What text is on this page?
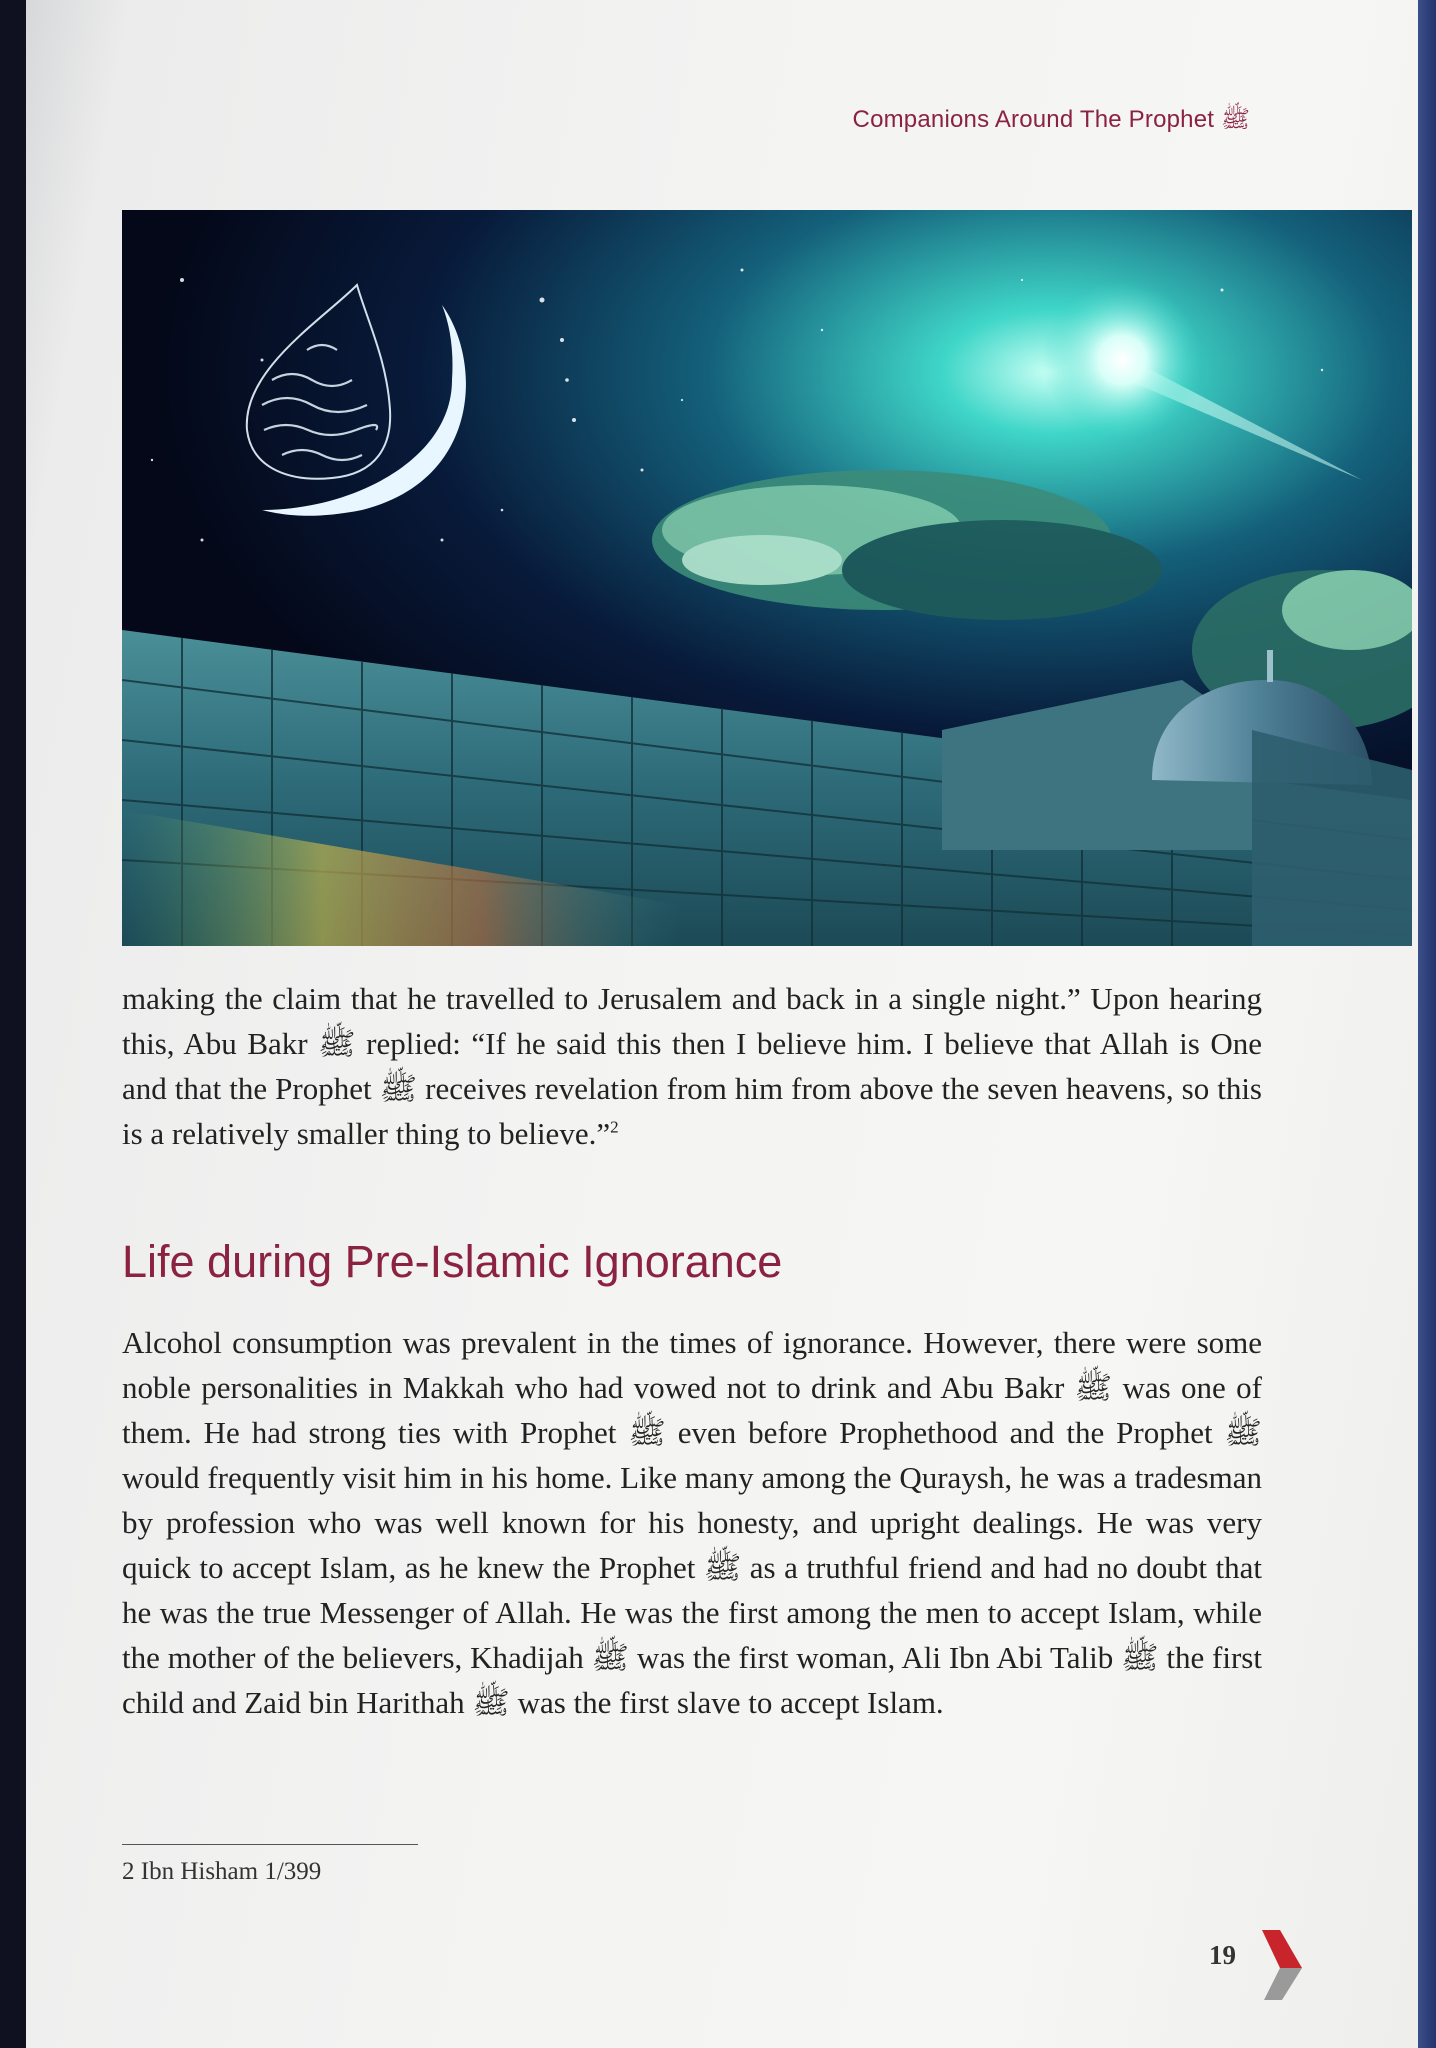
Companions Around The Prophet ﷺ

making the claim that he travelled to Jerusalem and back in a single night.” Upon hearing this, Abu Bakr ﷺ replied: “If he said this then I believe him. I believe that Allah is One and that the Prophet ﷺ receives revelation from him from above the seven heavens, so this is a relatively smaller thing to believe.”$^2$

Life during Pre-Islamic Ignorance

Alcohol consumption was prevalent in the times of ignorance. However, there were some noble personalities in Makkah who had vowed not to drink and Abu Bakr ﷺ was one of them. He had strong ties with Prophet ﷺ even before Prophethood and the Prophet ﷺ would frequently visit him in his home. Like many among the Quraysh, he was a tradesman by profession who was well known for his honesty, and upright dealings. He was very quick to accept Islam, as he knew the Prophet ﷺ as a truthful friend and had no doubt that he was the true Messenger of Allah. He was the first among the men to accept Islam, while the mother of the believers, Khadijah ﷺ was the first woman, Ali Ibn Abi Talib ﷺ the first child and Zaid bin Harithah ﷺ was the first slave to accept Islam.

2 Ibn Hisham 1/399
19
